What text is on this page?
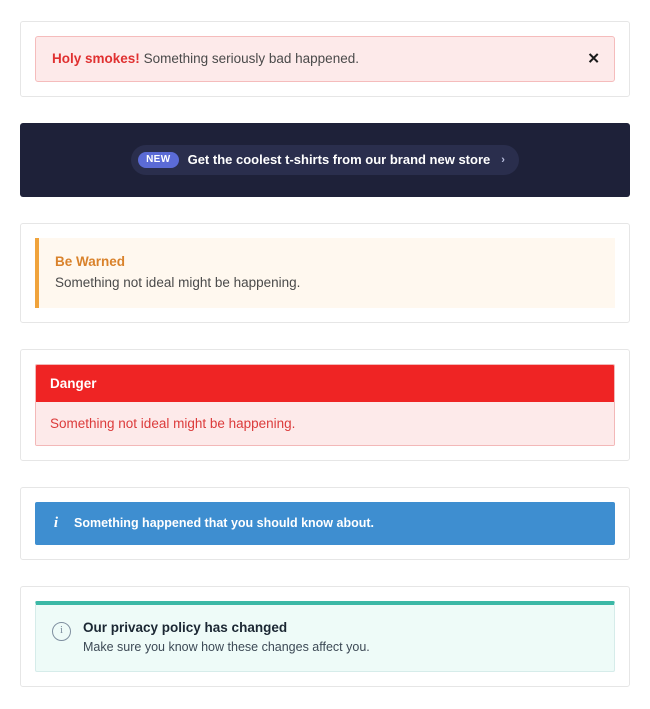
Holy smokes! Something seriously bad happened.	✕
NEW	Get the coolest t-shirts from our brand new store ›
Be Warned
Something not ideal might be happening.
Danger
Something not ideal might be happening.
i Something happened that you should know about.
i	Our privacy policy has changed
Make sure you know how these changes affect you.
